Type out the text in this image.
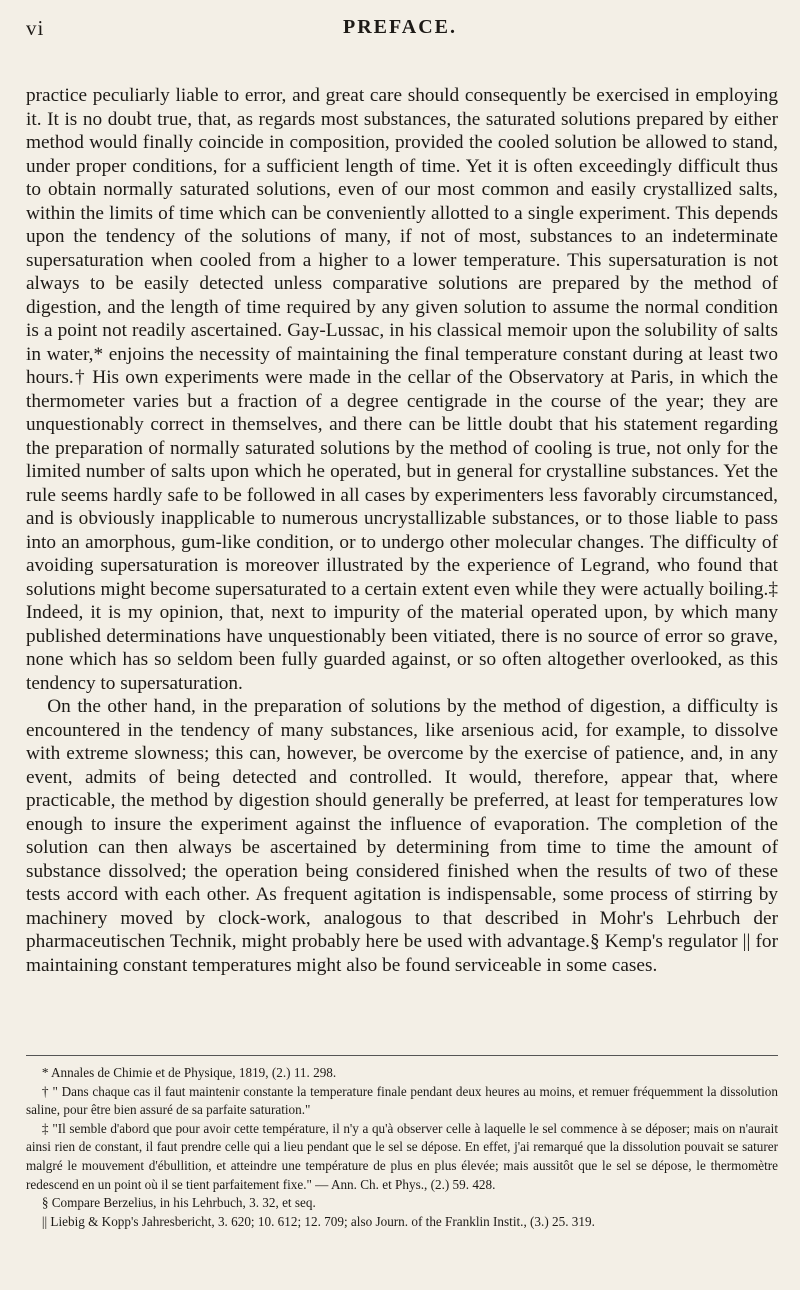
vi	PREFACE.

practice peculiarly liable to error, and great care should consequently be exercised in employing it. It is no doubt true, that, as regards most substances, the saturated solutions prepared by either method would finally coincide in composition, provided the cooled solution be allowed to stand, under proper conditions, for a sufficient length of time. Yet it is often exceedingly difficult thus to obtain normally saturated solutions, even of our most common and easily crystallized salts, within the limits of time which can be conveniently allotted to a single experiment. This depends upon the tendency of the solutions of many, if not of most, substances to an indeterminate supersaturation when cooled from a higher to a lower temperature. This supersaturation is not always to be easily detected unless comparative solutions are prepared by the method of digestion, and the length of time required by any given solution to assume the normal condition is a point not readily ascertained. Gay-Lussac, in his classical memoir upon the solubility of salts in water,* enjoins the necessity of maintaining the final temperature constant during at least two hours.† His own experiments were made in the cellar of the Observatory at Paris, in which the thermometer varies but a fraction of a degree centigrade in the course of the year; they are unquestionably correct in themselves, and there can be little doubt that his statement regarding the preparation of normally saturated solutions by the method of cooling is true, not only for the limited number of salts upon which he operated, but in general for crystalline substances. Yet the rule seems hardly safe to be followed in all cases by experimenters less favorably circumstanced, and is obviously inapplicable to numerous uncrystallizable substances, or to those liable to pass into an amorphous, gum-like condition, or to undergo other molecular changes. The difficulty of avoiding supersaturation is moreover illustrated by the experience of Legrand, who found that solutions might become supersaturated to a certain extent even while they were actually boiling.‡ Indeed, it is my opinion, that, next to impurity of the material operated upon, by which many published determinations have unquestionably been vitiated, there is no source of error so grave, none which has so seldom been fully guarded against, or so often altogether overlooked, as this tendency to supersaturation.

On the other hand, in the preparation of solutions by the method of digestion, a difficulty is encountered in the tendency of many substances, like arsenious acid, for example, to dissolve with extreme slowness; this can, however, be overcome by the exercise of patience, and, in any event, admits of being detected and controlled. It would, therefore, appear that, where practicable, the method by digestion should generally be preferred, at least for temperatures low enough to insure the experiment against the influence of evaporation. The completion of the solution can then always be ascertained by determining from time to time the amount of substance dissolved; the operation being considered finished when the results of two of these tests accord with each other. As frequent agitation is indispensable, some process of stirring by machinery moved by clock-work, analogous to that described in Mohr's Lehrbuch der pharmaceutischen Technik, might probably here be used with advantage.§ Kemp's regulator || for maintaining constant temperatures might also be found serviceable in some cases.

* Annales de Chimie et de Physique, 1819, (2.) 11. 298.

† " Dans chaque cas il faut maintenir constante la temperature finale pendant deux heures au moins, et remuer fréquemment la dissolution saline, pour être bien assuré de sa parfaite saturation."

‡ "Il semble d'abord que pour avoir cette température, il n'y a qu'à observer celle à laquelle le sel commence à se déposer; mais on n'aurait ainsi rien de constant, il faut prendre celle qui a lieu pendant que le sel se dépose. En effet, j'ai remarqué que la dissolution pouvait se saturer malgré le mouvement d'ébullition, et atteindre une température de plus en plus élevée; mais aussitôt que le sel se dépose, le thermomètre redescend en un point où il se tient parfaitement fixe." — Ann. Ch. et Phys., (2.) 59. 428.

§ Compare Berzelius, in his Lehrbuch, 3. 32, et seq.

|| Liebig & Kopp's Jahresbericht, 3. 620; 10. 612; 12. 709; also Journ. of the Franklin Instit., (3.) 25. 319.
